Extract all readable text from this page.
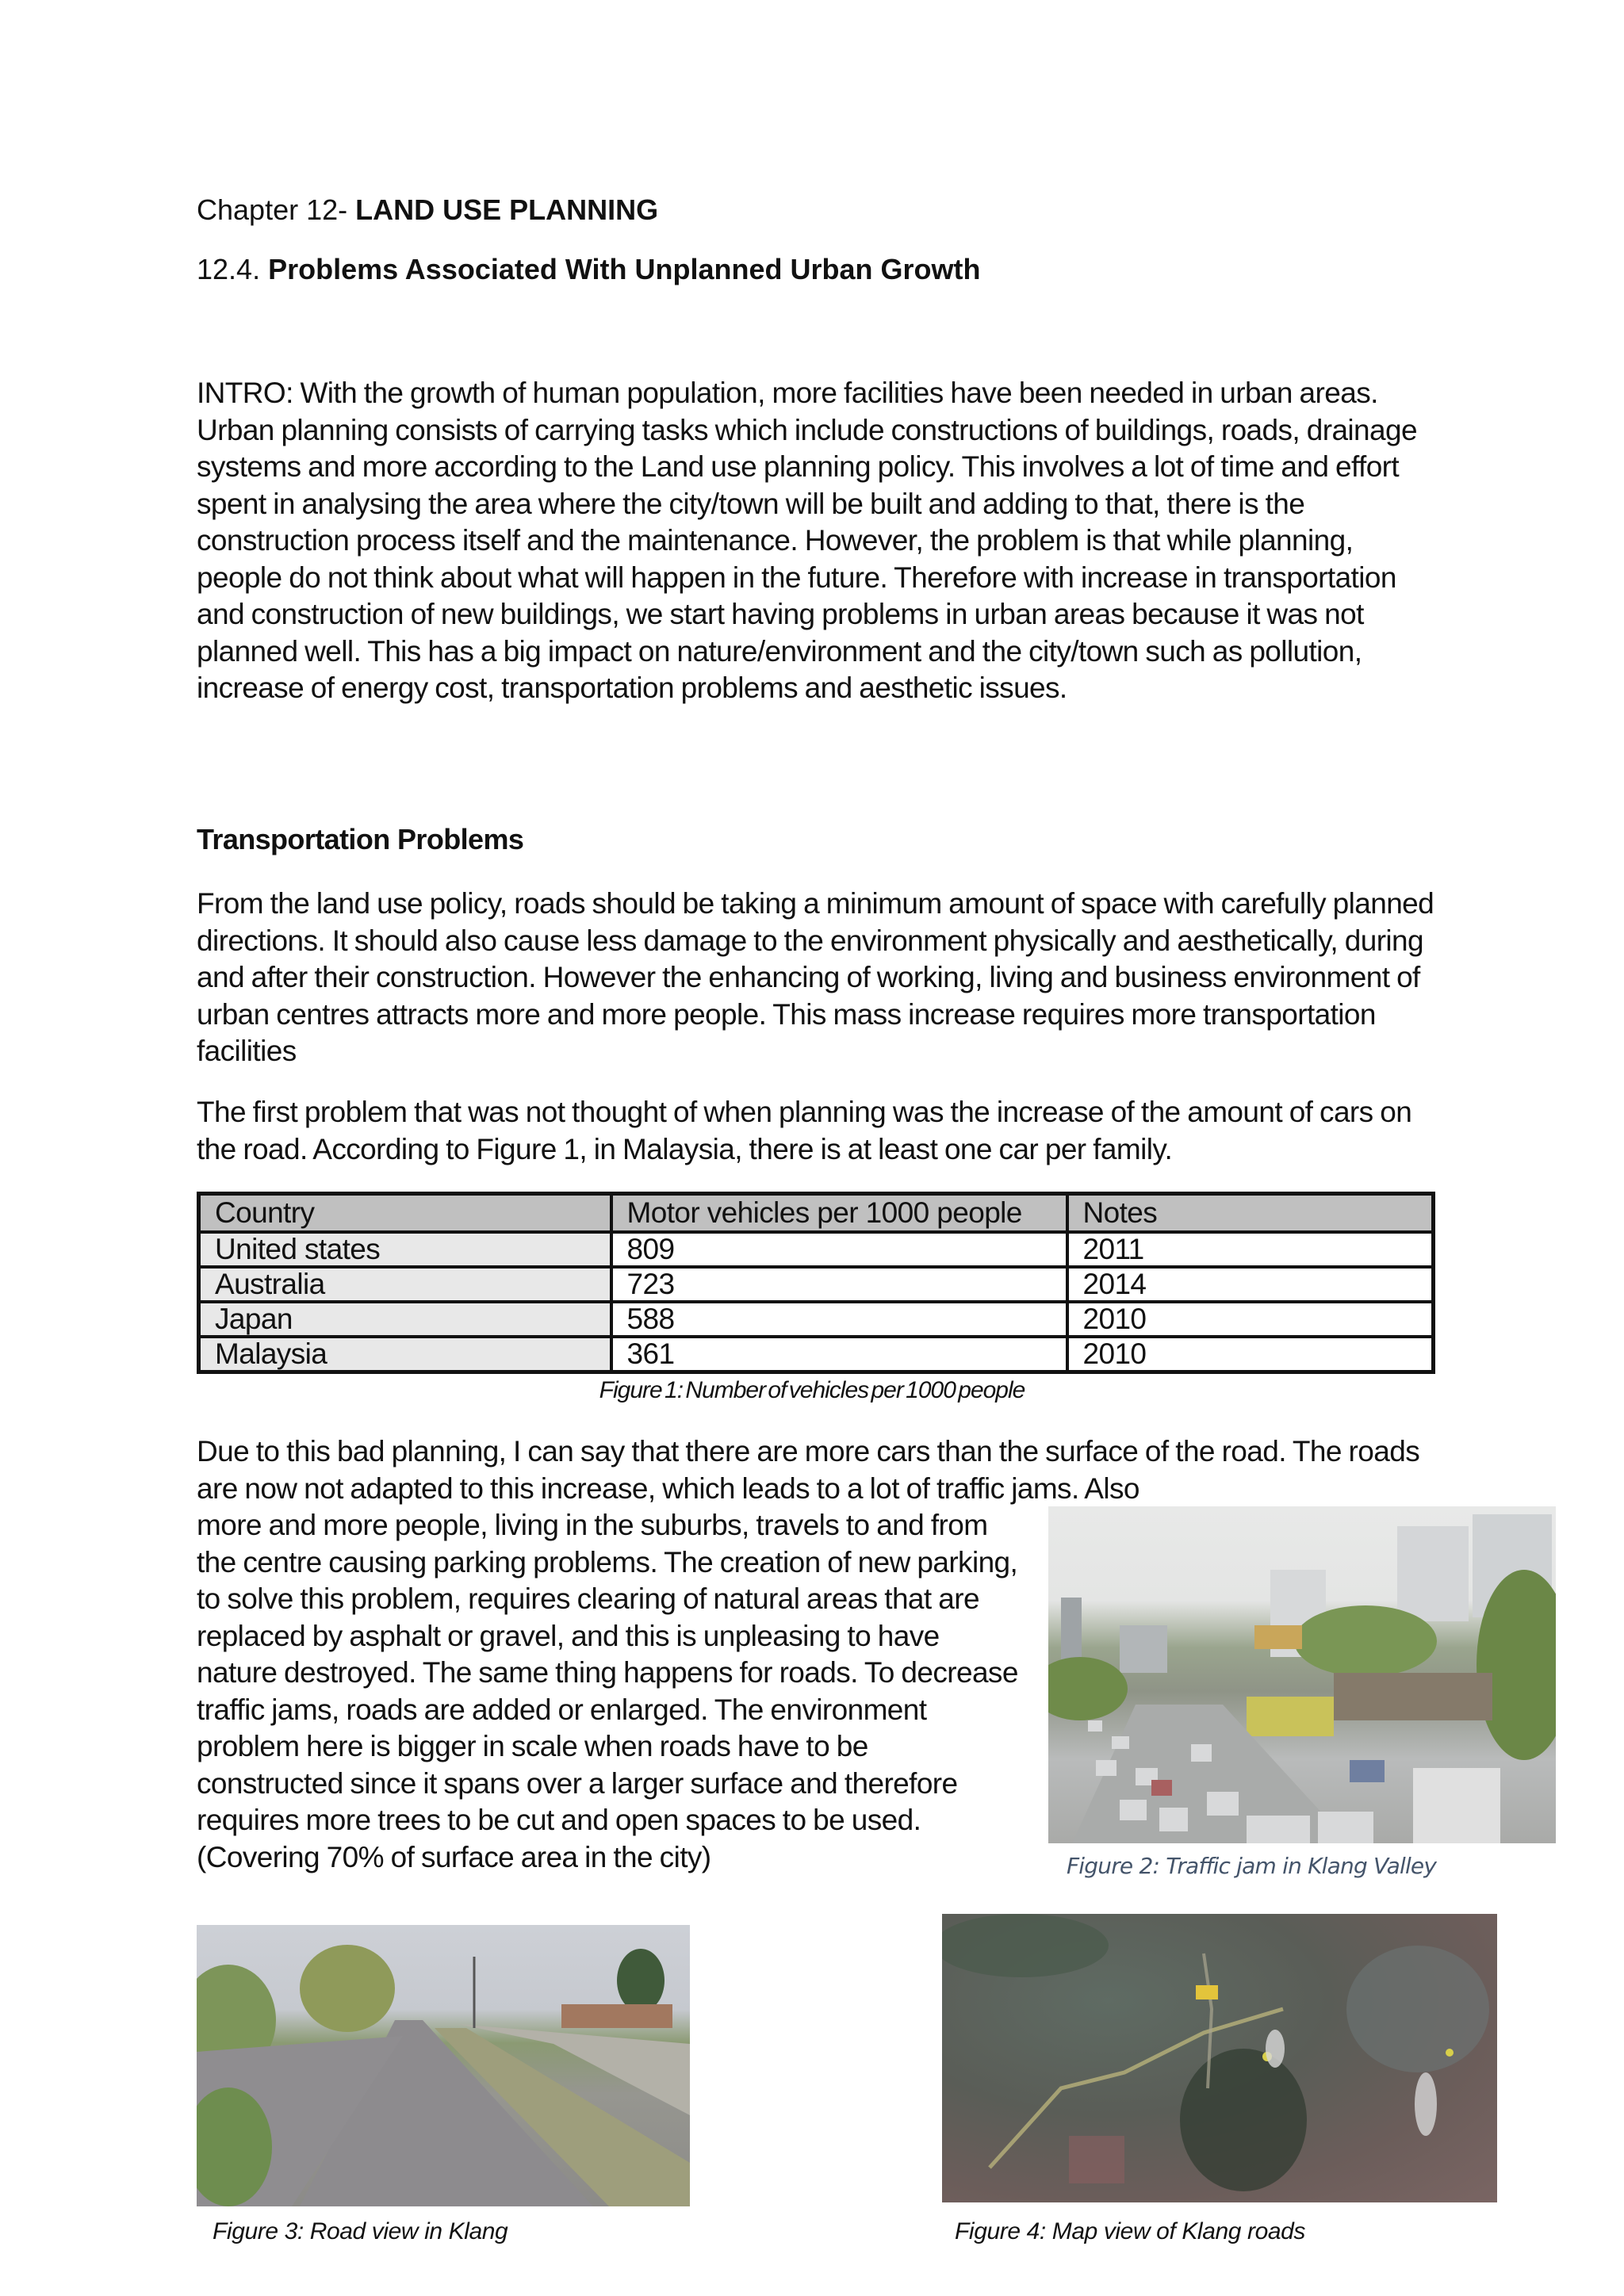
Chapter 12- LAND USE PLANNING
12.4. Problems Associated With Unplanned Urban Growth

INTRO: With the growth of human population, more facilities have been needed in urban areas. Urban planning consists of carrying tasks which include constructions of buildings, roads, drainage systems and more according to the Land use planning policy. This involves a lot of time and effort spent in analysing the area where the city/town will be built and adding to that, there is the construction process itself and the maintenance. However, the problem is that while planning, people do not think about what will happen in the future. Therefore with increase in transportation and construction of new buildings, we start having problems in urban areas because it was not planned well. This has a big impact on nature/environment and the city/town such as pollution, increase of energy cost, transportation problems and aesthetic issues.

Transportation Problems

From the land use policy, roads should be taking a minimum amount of space with carefully planned directions. It should also cause less damage to the environment physically and aesthetically, during and after their construction. However the enhancing of working, living and business environment of urban centres attracts more and more people. This mass increase requires more transportation facilities

The first problem that was not thought of when planning was the increase of the amount of cars on the road. According to Figure 1, in Malaysia, there is at least one car per family.

Country	Motor vehicles per 1000 people	Notes
United states	809	2011
Australia	723	2014
Japan	588	2010
Malaysia	361	2010
Figure 1: Number of vehicles per 1000 people

Due to this bad planning, I can say that there are more cars than the surface of the road. The roads are now not adapted to this increase, which leads to a lot of traffic jams. Also

more and more people, living in the suburbs, travels to and from the centre causing parking problems. The creation of new parking, to solve this problem, requires clearing of natural areas that are replaced by asphalt or gravel, and this is unpleasing to have nature destroyed. The same thing happens for roads. To decrease traffic jams, roads are added or enlarged. The environment problem here is bigger in scale when roads have to be constructed since it spans over a larger surface and therefore requires more trees to be cut and open spaces to be used. (Covering 70% of surface area in the city)	Figure 2: Traffic jam in Klang Valley
Figure 3: Road view in Klang	Figure 4: Map view of Klang roads
